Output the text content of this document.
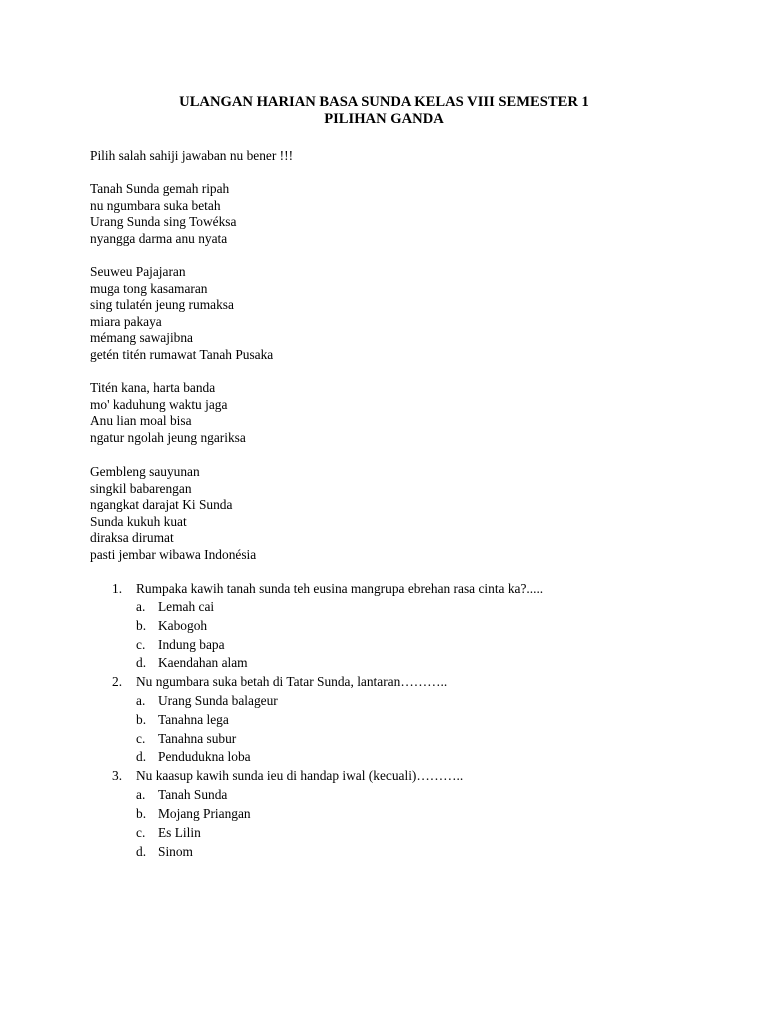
ULANGAN HARIAN BASA SUNDA KELAS VIII SEMESTER 1
PILIHAN GANDA
Pilih salah sahiji jawaban nu bener !!!
Tanah Sunda gemah ripah
nu ngumbara suka betah
Urang Sunda sing Towéksa
nyangga darma anu nyata
Seuweu Pajajaran
muga tong kasamaran
sing tulatén jeung rumaksa
miara pakaya
mémang sawajibna
getén titén rumawat Tanah Pusaka
Titén kana, harta banda
mo' kaduhung waktu jaga
Anu lian moal bisa
ngatur ngolah jeung ngariksa
Gembleng sauyunan
singkil babarengan
ngangkat darajat Ki Sunda
Sunda kukuh kuat
diraksa dirumat
pasti jembar wibawa Indonésia
1. Rumpaka kawih tanah sunda teh eusina mangrupa ebrehan rasa cinta ka?.....
a. Lemah cai
b. Kabogoh
c. Indung bapa
d. Kaendahan alam
2. Nu ngumbara suka betah di Tatar Sunda, lantaran………..
a. Urang Sunda balageur
b. Tanahna lega
c. Tanahna subur
d. Pendudukna loba
3. Nu kaasup kawih sunda ieu di handap iwal (kecuali)………..
a. Tanah Sunda
b. Mojang Priangan
c. Es Lilin
d. Sinom
